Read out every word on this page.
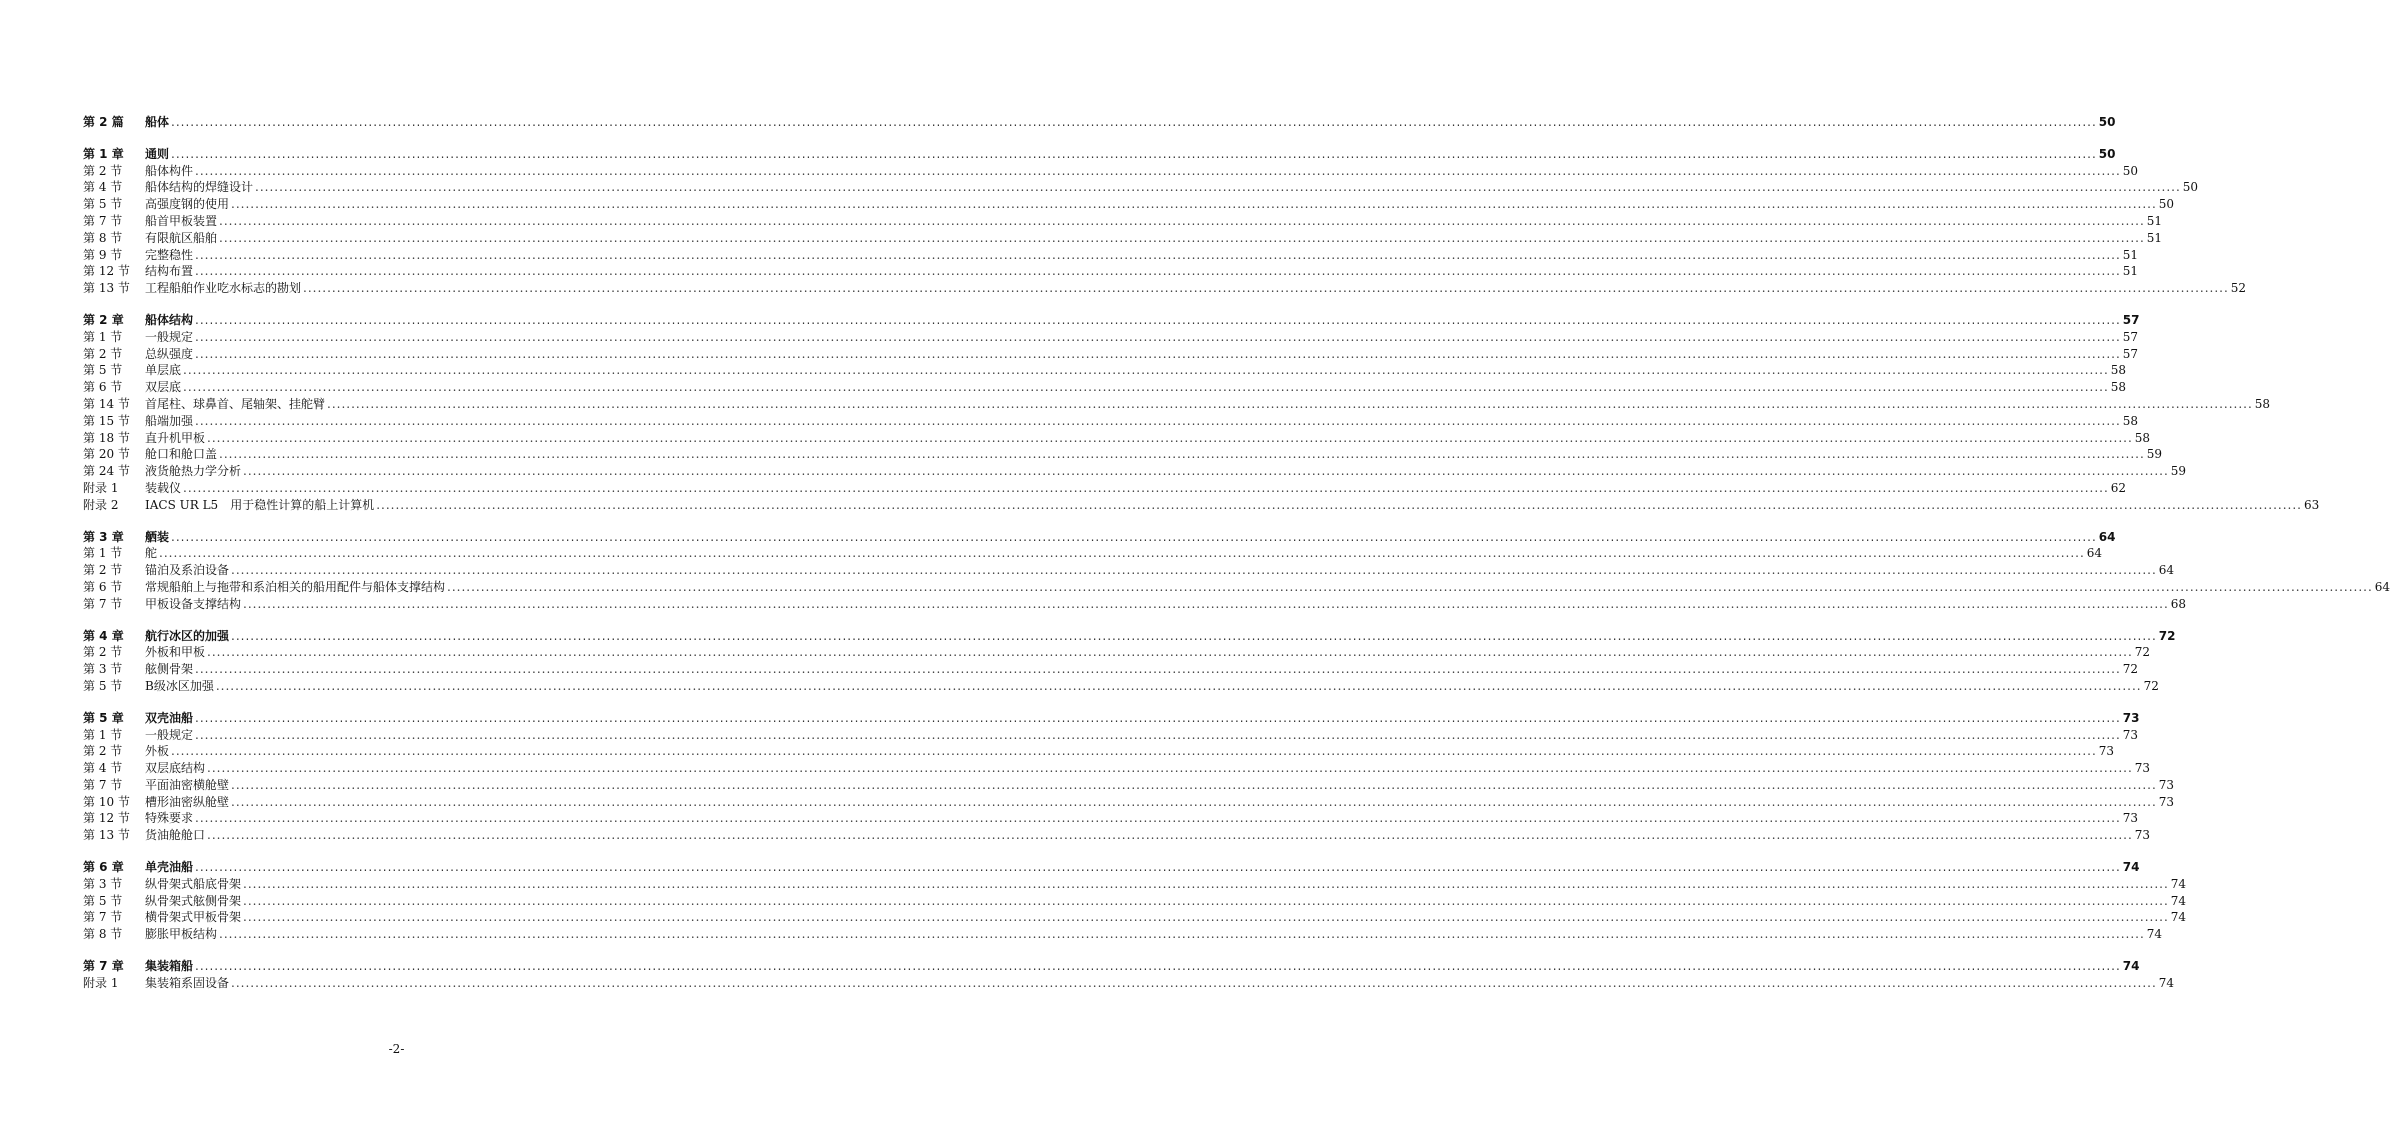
第 2 篇	船体 ................................................................................................................................................................................................................................................................................................................................................................................................................ 50
第 1 章	通则 ................................................................................................................................................................................................................................................................................................................................................................................................................ 50
第 2 节	船体构件 ................................................................................................................................................................................................................................................................................................................................................................................................................ 50
第 4 节	船体结构的焊缝设计 ................................................................................................................................................................................................................................................................................................................................................................................................................ 50
第 5 节	高强度钢的使用 ................................................................................................................................................................................................................................................................................................................................................................................................................ 50
第 7 节	船首甲板装置 ................................................................................................................................................................................................................................................................................................................................................................................................................ 51
第 8 节	有限航区船舶 ................................................................................................................................................................................................................................................................................................................................................................................................................ 51
第 9 节	完整稳性 ................................................................................................................................................................................................................................................................................................................................................................................................................ 51
第 12 节	结构布置 ................................................................................................................................................................................................................................................................................................................................................................................................................ 51
第 13 节	工程船舶作业吃水标志的勘划 ................................................................................................................................................................................................................................................................................................................................................................................................................ 52
第 2 章	船体结构 ................................................................................................................................................................................................................................................................................................................................................................................................................ 57
第 1 节	一般规定 ................................................................................................................................................................................................................................................................................................................................................................................................................ 57
第 2 节	总纵强度 ................................................................................................................................................................................................................................................................................................................................................................................................................ 57
第 5 节	单层底 ................................................................................................................................................................................................................................................................................................................................................................................................................ 58
第 6 节	双层底 ................................................................................................................................................................................................................................................................................................................................................................................................................ 58
第 14 节	首尾柱、球鼻首、尾轴架、挂舵臂 ................................................................................................................................................................................................................................................................................................................................................................................................................ 58
第 15 节	船端加强 ................................................................................................................................................................................................................................................................................................................................................................................................................ 58
第 18 节	直升机甲板 ................................................................................................................................................................................................................................................................................................................................................................................................................ 58
第 20 节	舱口和舱口盖 ................................................................................................................................................................................................................................................................................................................................................................................................................ 59
第 24 节	液货舱热力学分析 ................................................................................................................................................................................................................................................................................................................................................................................................................ 59
附录 1	装载仪 ................................................................................................................................................................................................................................................................................................................................................................................................................ 62
附录 2	IACS UR L5　用于稳性计算的船上计算机 ................................................................................................................................................................................................................................................................................................................................................................................................................ 63
第 3 章	舾装 ................................................................................................................................................................................................................................................................................................................................................................................................................ 64
第 1 节	舵 ................................................................................................................................................................................................................................................................................................................................................................................................................ 64
第 2 节	锚泊及系泊设备 ................................................................................................................................................................................................................................................................................................................................................................................................................ 64
第 6 节	常规船舶上与拖带和系泊相关的船用配件与船体支撑结构 ................................................................................................................................................................................................................................................................................................................................................................................................................ 64
第 7 节	甲板设备支撑结构 ................................................................................................................................................................................................................................................................................................................................................................................................................ 68
第 4 章	航行冰区的加强 ................................................................................................................................................................................................................................................................................................................................................................................................................ 72
第 2 节	外板和甲板 ................................................................................................................................................................................................................................................................................................................................................................................................................ 72
第 3 节	舷侧骨架 ................................................................................................................................................................................................................................................................................................................................................................................................................ 72
第 5 节	B级冰区加强 ................................................................................................................................................................................................................................................................................................................................................................................................................ 72
第 5 章	双壳油船 ................................................................................................................................................................................................................................................................................................................................................................................................................ 73
第 1 节	一般规定 ................................................................................................................................................................................................................................................................................................................................................................................................................ 73
第 2 节	外板 ................................................................................................................................................................................................................................................................................................................................................................................................................ 73
第 4 节	双层底结构 ................................................................................................................................................................................................................................................................................................................................................................................................................ 73
第 7 节	平面油密横舱壁 ................................................................................................................................................................................................................................................................................................................................................................................................................ 73
第 10 节	槽形油密纵舱壁 ................................................................................................................................................................................................................................................................................................................................................................................................................ 73
第 12 节	特殊要求 ................................................................................................................................................................................................................................................................................................................................................................................................................ 73
第 13 节	货油舱舱口 ................................................................................................................................................................................................................................................................................................................................................................................................................ 73
第 6 章	单壳油船 ................................................................................................................................................................................................................................................................................................................................................................................................................ 74
第 3 节	纵骨架式船底骨架 ................................................................................................................................................................................................................................................................................................................................................................................................................ 74
第 5 节	纵骨架式舷侧骨架 ................................................................................................................................................................................................................................................................................................................................................................................................................ 74
第 7 节	横骨架式甲板骨架 ................................................................................................................................................................................................................................................................................................................................................................................................................ 74
第 8 节	膨胀甲板结构 ................................................................................................................................................................................................................................................................................................................................................................................................................ 74
第 7 章	集装箱船 ................................................................................................................................................................................................................................................................................................................................................................................................................ 74
附录 1	集装箱系固设备 ................................................................................................................................................................................................................................................................................................................................................................................................................ 74
-2-
